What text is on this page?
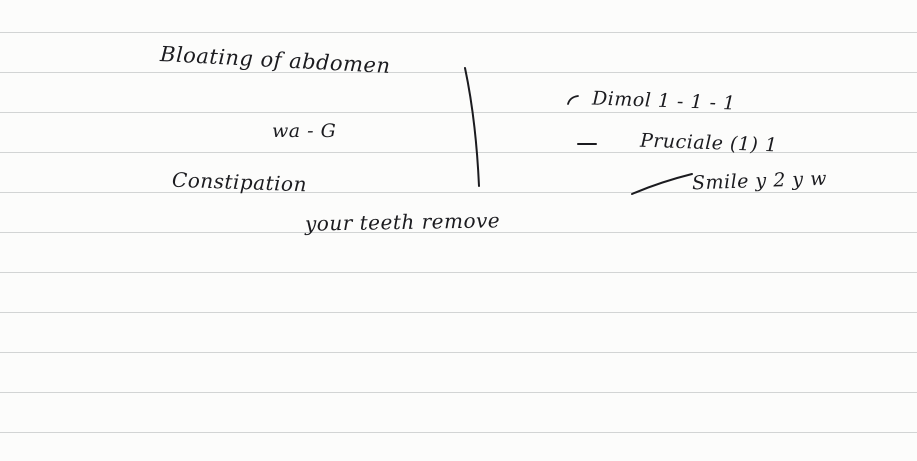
Bloating of abdomen
wa - G
Constipation
your teeth remove
Dimol 1 - 1 - 1
Pruciale (1) 1
Smile y 2 y w
